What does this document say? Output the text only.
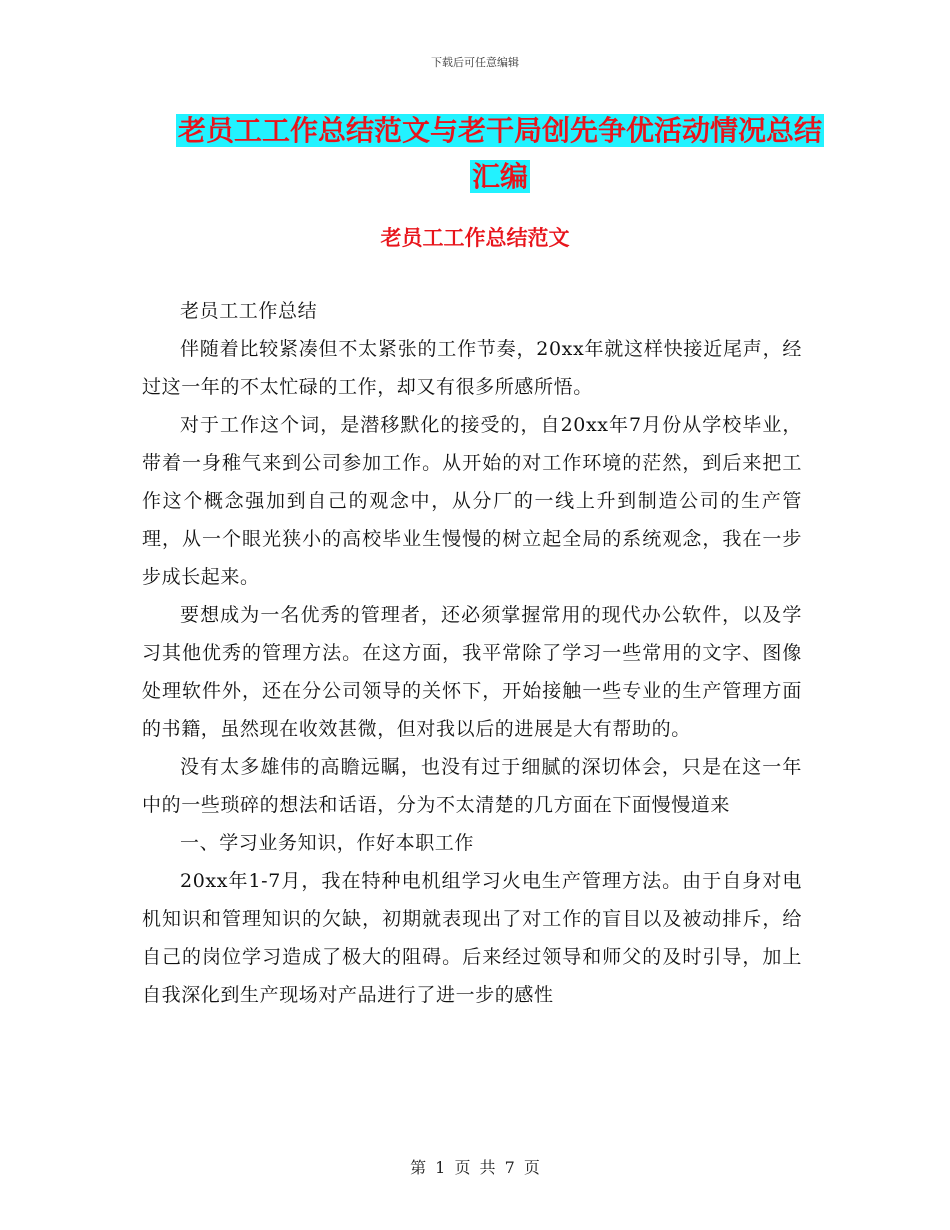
下载后可任意编辑
老员工工作总结范文与老干局创先争优活动情况总结
汇编
老员工工作总结范文

老员工工作总结

伴随着比较紧凑但不太紧张的工作节奏，20xx年就这样快接近尾声，经过这一年的不太忙碌的工作，却又有很多所感所悟。

对于工作这个词，是潜移默化的接受的，自20xx年7月份从学校毕业，带着一身稚气来到公司参加工作。从开始的对工作环境的茫然，到后来把工作这个概念强加到自己的观念中，从分厂的一线上升到制造公司的生产管理，从一个眼光狭小的高校毕业生慢慢的树立起全局的系统观念，我在一步步成长起来。

要想成为一名优秀的管理者，还必须掌握常用的现代办公软件，以及学习其他优秀的管理方法。在这方面，我平常除了学习一些常用的文字、图像处理软件外，还在分公司领导的关怀下，开始接触一些专业的生产管理方面的书籍，虽然现在收效甚微，但对我以后的进展是大有帮助的。

没有太多雄伟的高瞻远瞩，也没有过于细腻的深切体会，只是在这一年中的一些琐碎的想法和话语，分为不太清楚的几方面在下面慢慢道来

一、学习业务知识，作好本职工作

20xx年1-7月，我在特种电机组学习火电生产管理方法。由于自身对电机知识和管理知识的欠缺，初期就表现出了对工作的盲目以及被动排斥，给自己的岗位学习造成了极大的阻碍。后来经过领导和师父的及时引导，加上自我深化到生产现场对产品进行了进一步的感性

第 1 页 共 7 页
